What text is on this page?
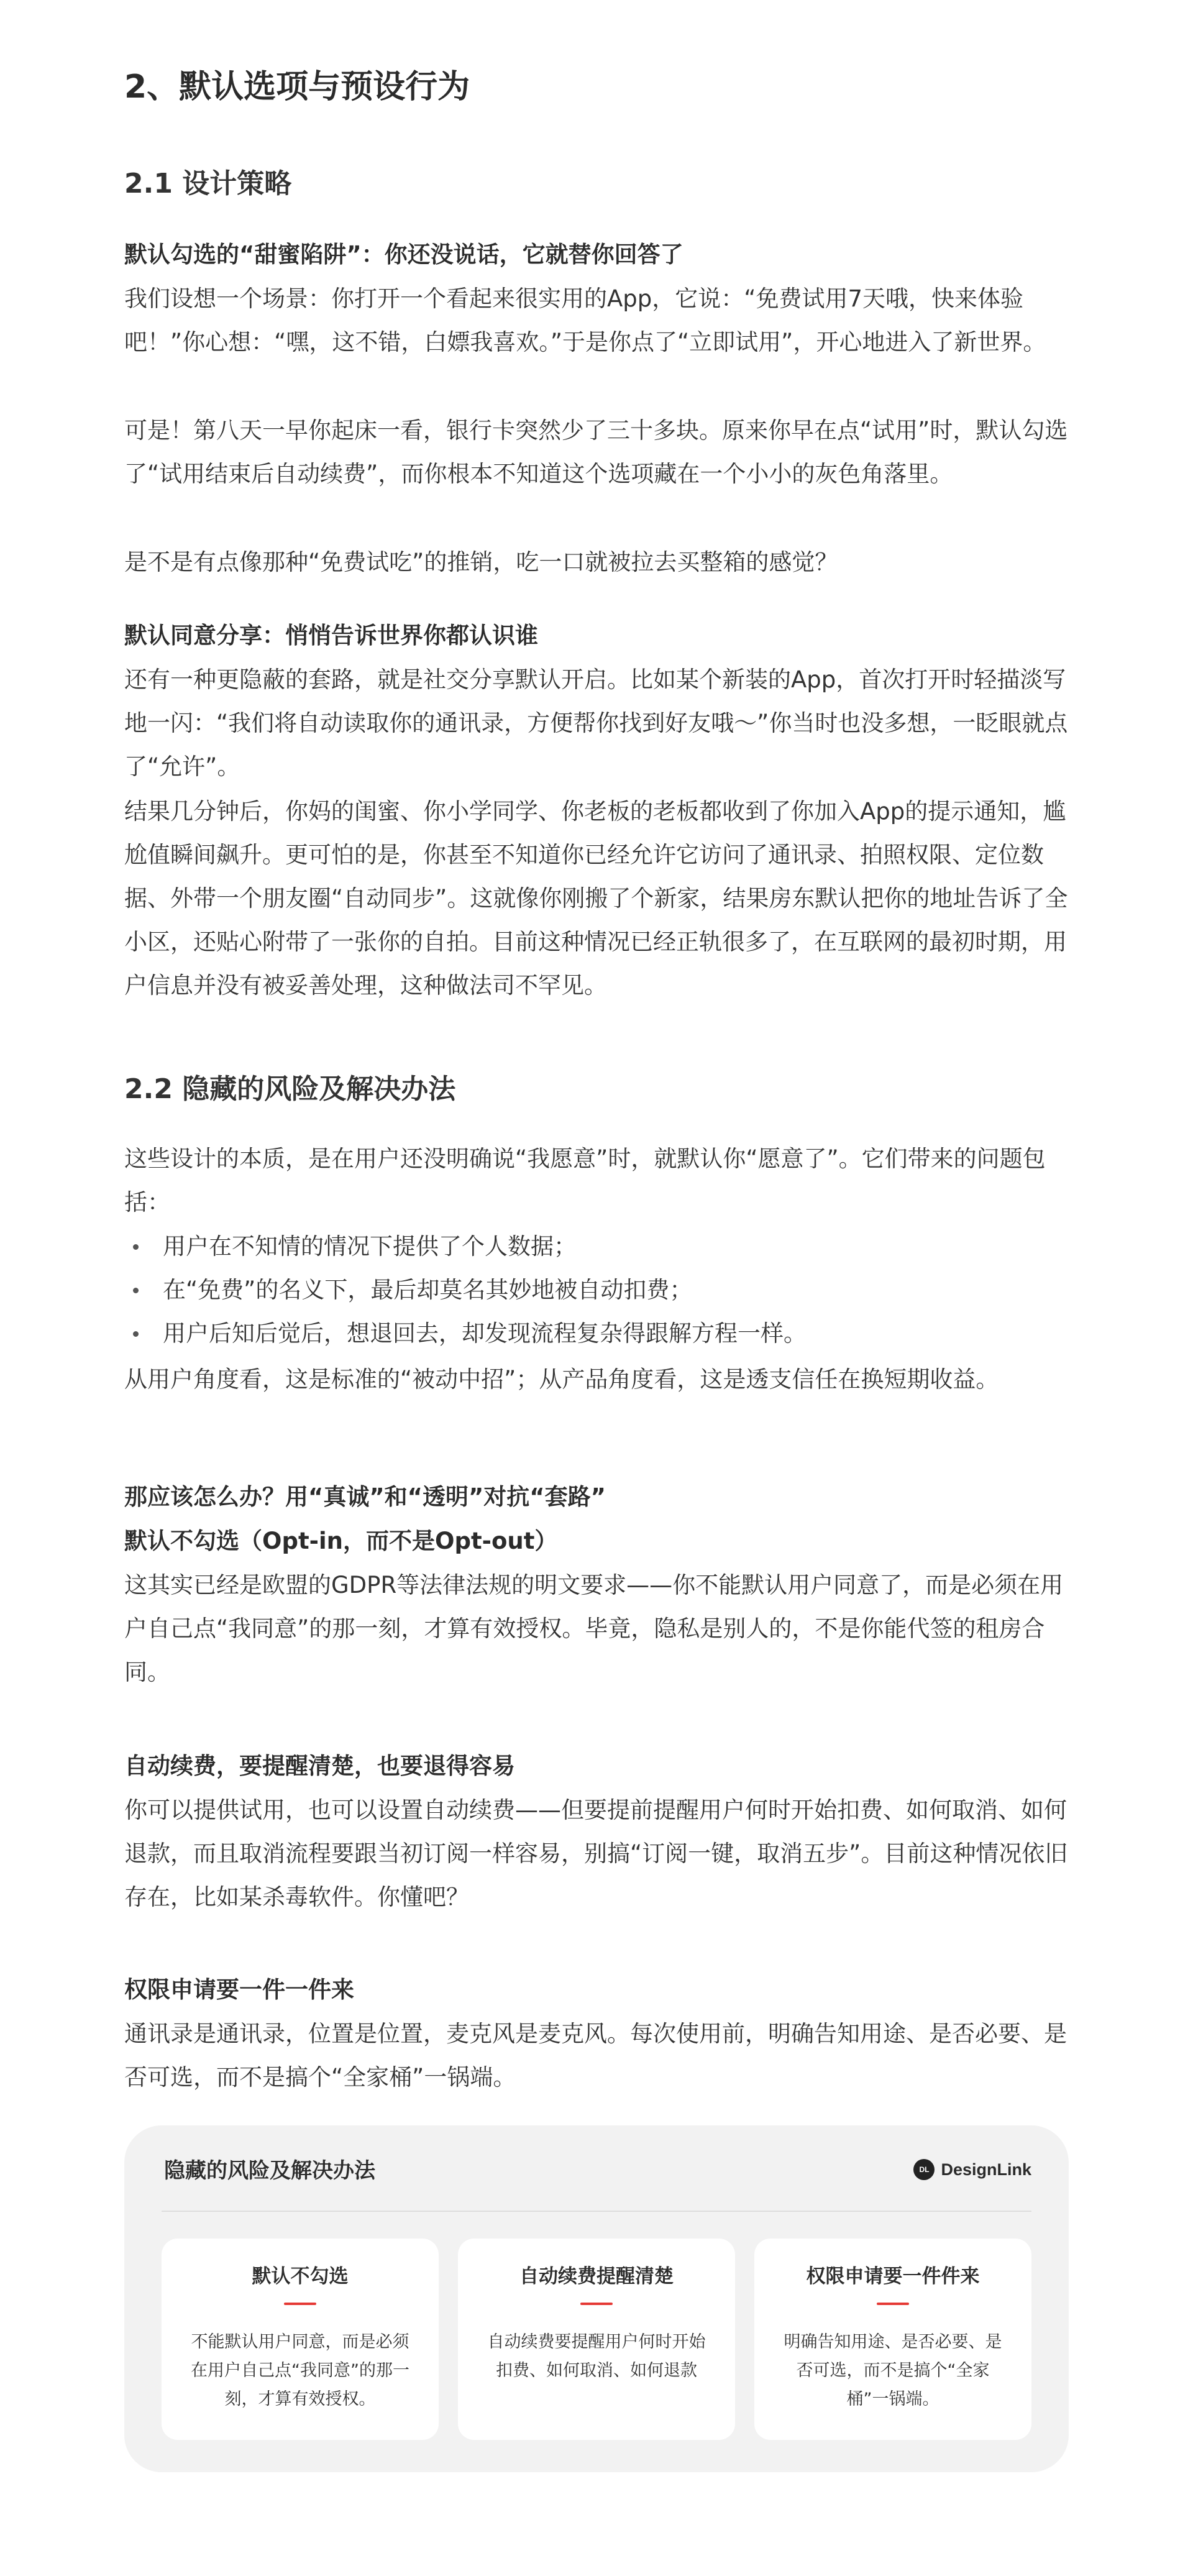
2、默认选项与预设行为
2.1 设计策略
默认勾选的“甜蜜陷阱”：你还没说话，它就替你回答了

我们设想一个场景：你打开一个看起来很实用的App，它说：“免费试用7天哦，快来体验吧！”你心想：“嘿，这不错，白嫖我喜欢。”于是你点了“立即试用”，开心地进入了新世界。

可是！第八天一早你起床一看，银行卡突然少了三十多块。原来你早在点“试用”时，默认勾选了“试用结束后自动续费”，而你根本不知道这个选项藏在一个小小的灰色角落里。

是不是有点像那种“免费试吃”的推销，吃一口就被拉去买整箱的感觉？

默认同意分享：悄悄告诉世界你都认识谁

还有一种更隐蔽的套路，就是社交分享默认开启。比如某个新装的App，首次打开时轻描淡写地一闪：“我们将自动读取你的通讯录，方便帮你找到好友哦～”你当时也没多想，一眨眼就点了“允许”。

结果几分钟后，你妈的闺蜜、你小学同学、你老板的老板都收到了你加入App的提示通知，尴尬值瞬间飙升。更可怕的是，你甚至不知道你已经允许它访问了通讯录、拍照权限、定位数据、外带一个朋友圈“自动同步”。这就像你刚搬了个新家，结果房东默认把你的地址告诉了全小区，还贴心附带了一张你的自拍。目前这种情况已经正轨很多了，在互联网的最初时期，用户信息并没有被妥善处理，这种做法司不罕见。

2.2 隐藏的风险及解决办法

这些设计的本质，是在用户还没明确说“我愿意”时，就默认你“愿意了”。它们带来的问题包括：

用户在不知情的情况下提供了个人数据；
在“免费”的名义下，最后却莫名其妙地被自动扣费；
用户后知后觉后，想退回去，却发现流程复杂得跟解方程一样。

从用户角度看，这是标准的“被动中招”；从产品角度看，这是透支信任在换短期收益。

那应该怎么办？用“真诚”和“透明”对抗“套路”
默认不勾选（Opt-in，而不是Opt-out）

这其实已经是欧盟的GDPR等法律法规的明文要求——你不能默认用户同意了，而是必须在用户自己点“我同意”的那一刻，才算有效授权。毕竟，隐私是别人的，不是你能代签的租房合同。

自动续费，要提醒清楚，也要退得容易

你可以提供试用，也可以设置自动续费——但要提前提醒用户何时开始扣费、如何取消、如何退款，而且取消流程要跟当初订阅一样容易，别搞“订阅一键，取消五步”。目前这种情况依旧存在，比如某杀毒软件。你懂吧？

权限申请要一件一件来

通讯录是通讯录，位置是位置，麦克风是麦克风。每次使用前，明确告知用途、是否必要、是否可选，而不是搞个“全家桶”一锅端。

隐藏的风险及解决办法	DL DesignLink
默认不勾选
不能默认用户同意，而是必须在用户自己点“我同意”的那一刻，才算有效授权。
自动续费提醒清楚
自动续费要提醒用户何时开始扣费、如何取消、如何退款
权限申请要一件件来
明确告知用途、是否必要、是否可选，而不是搞个“全家桶”一锅端。
